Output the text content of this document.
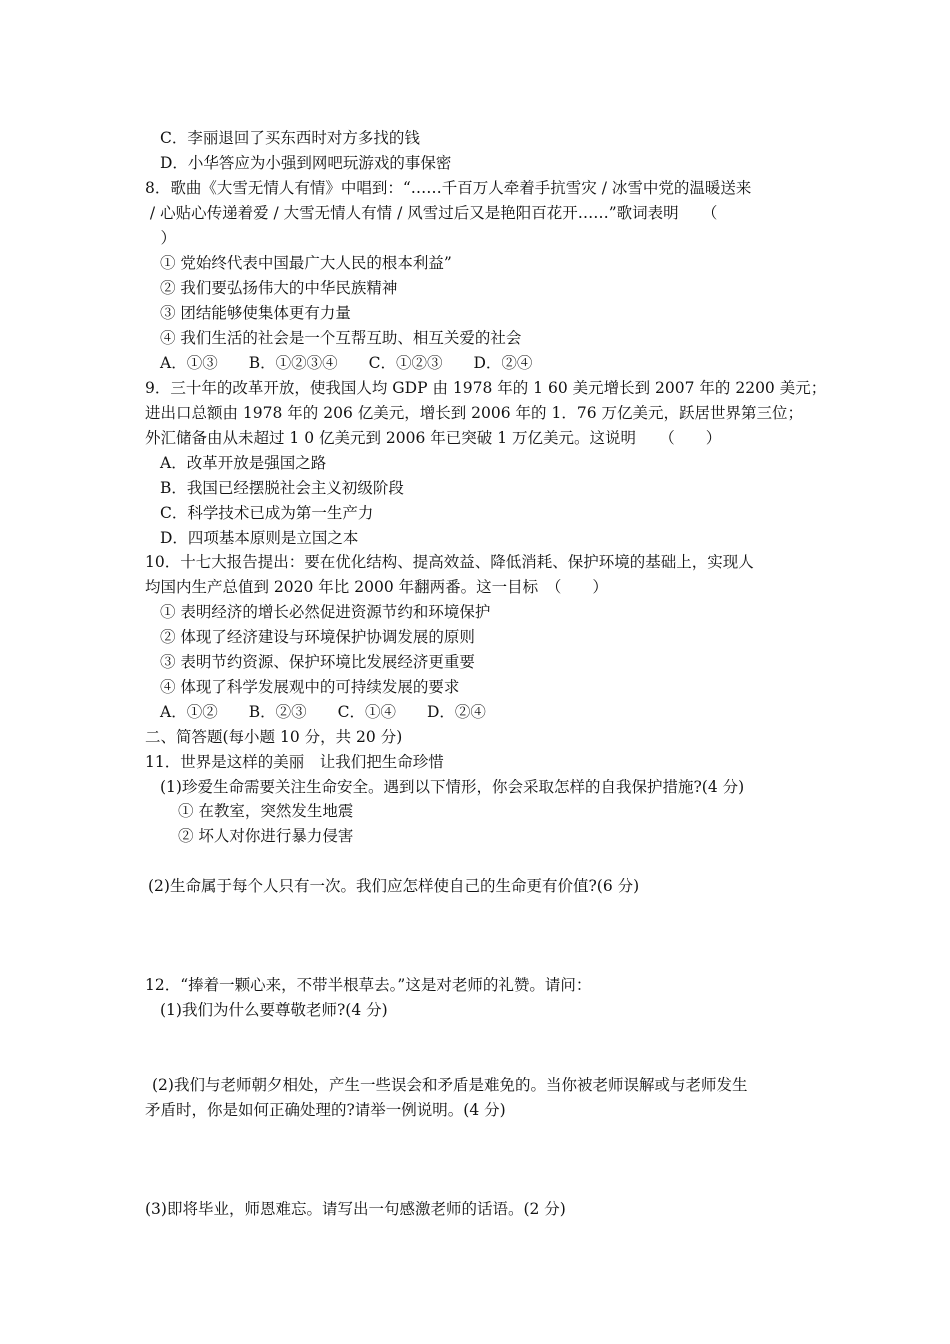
C．李丽退回了买东西时对方多找的钱
D．小华答应为小强到网吧玩游戏的事保密
8．歌曲《大雪无情人有情》中唱到：“……千百万人牵着手抗雪灾 / 冰雪中党的温暖送来
/ 心贴心传递着爱 / 大雪无情人有情 / 风雪过后又是艳阳百花开……”歌词表明　　（
　）
① 党始终代表中国最广大人民的根本利益”
② 我们要弘扬伟大的中华民族精神
③ 团结能够使集体更有力量
④ 我们生活的社会是一个互帮互助、相互关爱的社会
A．①③　　B．①②③④　　C．①②③　　D．②④
9．三十年的改革开放，使我国人均 GDP 由 1978 年的 1 60 美元增长到 2007 年的 2200 美元；
进出口总额由 1978 年的 206 亿美元，增长到 2006 年的 1．76 万亿美元，跃居世界第三位；
外汇储备由从未超过 1 0 亿美元到 2006 年已突破 1 万亿美元。这说明　　（　　）
A．改革开放是强国之路
B．我国已经摆脱社会主义初级阶段
C．科学技术已成为第一生产力
D．四项基本原则是立国之本
10．十七大报告提出：要在优化结构、提高效益、降低消耗、保护环境的基础上，实现人
均国内生产总值到 2020 年比 2000 年翻两番。这一目标　（　　）
① 表明经济的增长必然促进资源节约和环境保护
② 体现了经济建设与环境保护协调发展的原则
③ 表明节约资源、保护环境比发展经济更重要
④ 体现了科学发展观中的可持续发展的要求
A．①②　　B．②③　　C．①④　　D．②④
二、简答题(每小题 10 分，共 20 分)
11．世界是这样的美丽　让我们把生命珍惜
(1)珍爱生命需要关注生命安全。遇到以下情形，你会采取怎样的自我保护措施?(4 分)
① 在教室，突然发生地震
② 坏人对你进行暴力侵害
(2)生命属于每个人只有一次。我们应怎样使自己的生命更有价值?(6 分)
12．“捧着一颗心来，不带半根草去。”这是对老师的礼赞。请问：
(1)我们为什么要尊敬老师?(4 分)
(2)我们与老师朝夕相处，产生一些误会和矛盾是难免的。当你被老师误解或与老师发生
矛盾时，你是如何正确处理的?请举一例说明。(4 分)
(3)即将毕业，师恩难忘。请写出一句感激老师的话语。(2 分)
